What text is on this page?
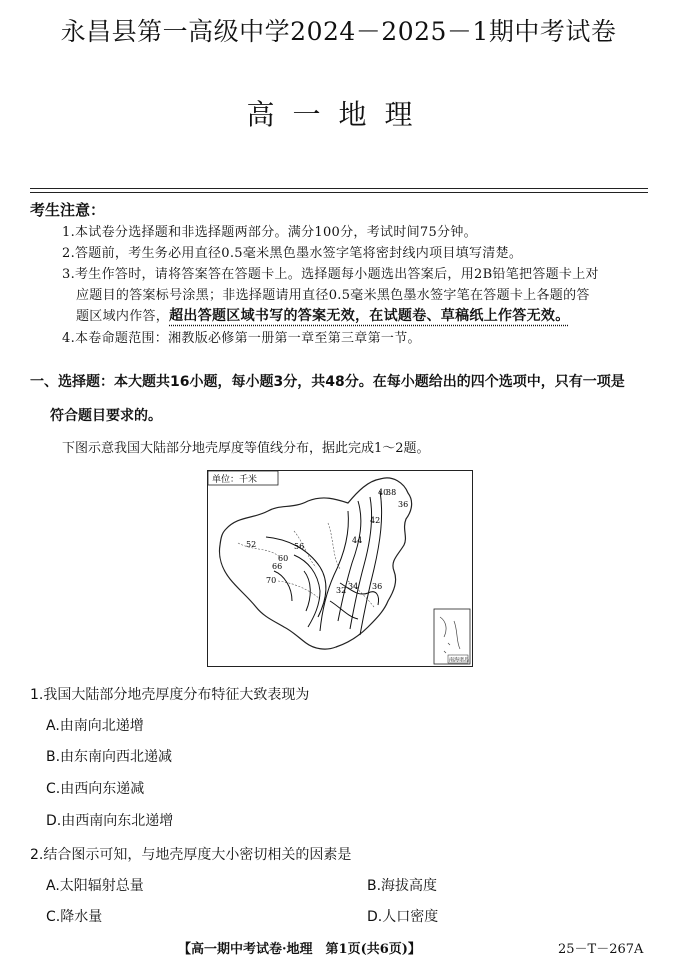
永昌县第一高级中学2024－2025－1期中考试卷
高一地理
考生注意：
1.本试卷分选择题和非选择题两部分。满分100分，考试时间75分钟。
2.答题前，考生务必用直径0.5毫米黑色墨水签字笔将密封线内项目填写清楚。
3.考生作答时，请将答案答在答题卡上。选择题每小题选出答案后，用2B铅笔把答题卡上对
应题目的答案标号涂黑；非选择题请用直径0.5毫米黑色墨水签字笔在答题卡上各题的答
题区域内作答，超出答题区域书写的答案无效，在试题卷、草稿纸上作答无效。
4.本卷命题范围：湘教版必修第一册第一章至第三章第一节。
一、选择题：本大题共16小题，每小题3分，共48分。在每小题给出的四个选项中，只有一项是
符合题目要求的。
下图示意我国大陆部分地壳厚度等值线分布，据此完成1～2题。
单位：千米
40
38
36
42
44
52	56
60
66
70
34
32	36
南海诸岛
1.我国大陆部分地壳厚度分布特征大致表现为
A.由南向北递增
B.由东南向西北递减
C.由西向东递减
D.由西南向东北递增
2.结合图示可知，与地壳厚度大小密切相关的因素是
A.太阳辐射总量	B.海拔高度
C.降水量	D.人口密度
【高一期中考试卷·地理　第1页(共6页)】	25－T－267A
